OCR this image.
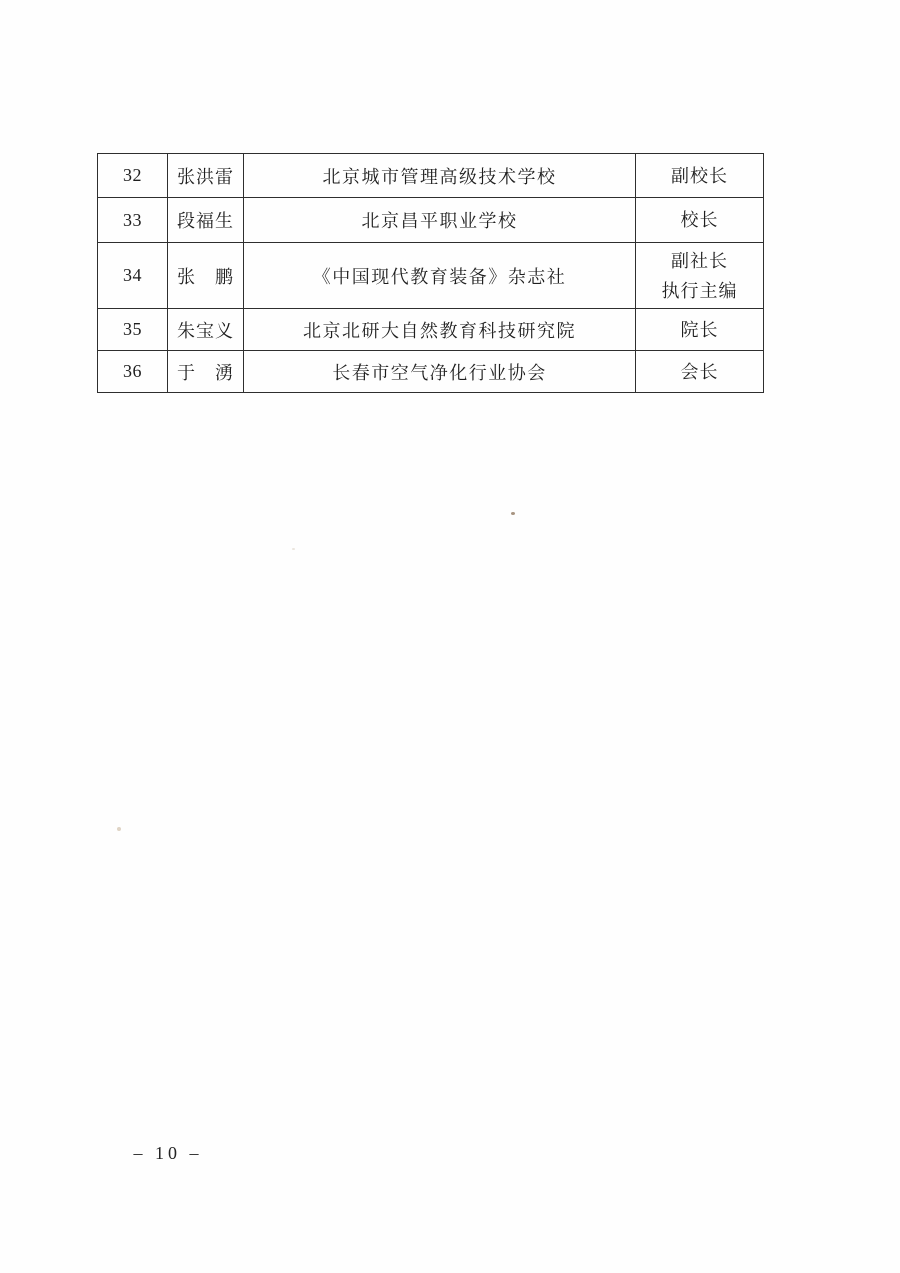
32	张洪雷	北京城市管理高级技术学校	副校长

33	段福生	北京昌平职业学校	校长

34	张　鹏	《中国现代教育装备》杂志社	副社长
执行主编

35	朱宝义	北京北研大自然教育科技研究院	院长

36	于　湧	长春市空气净化行业协会	会长
– 10 –
